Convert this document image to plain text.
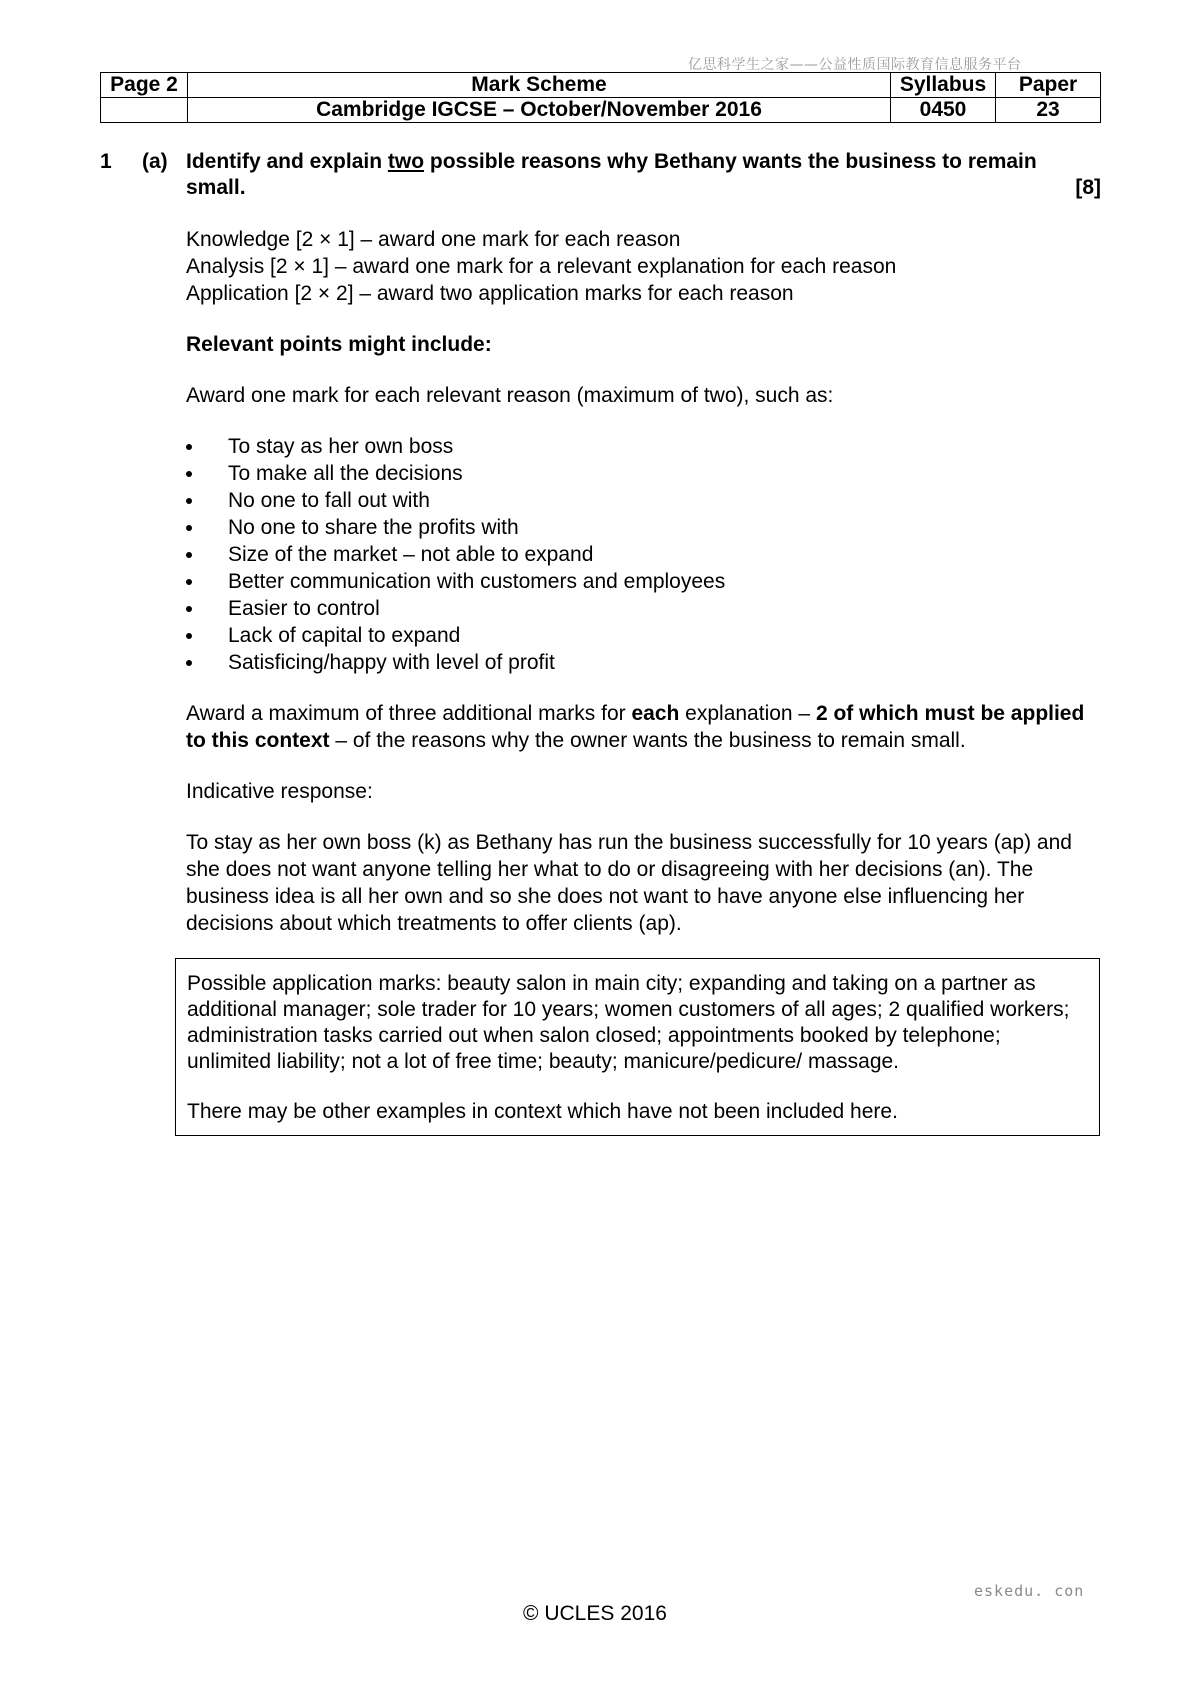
亿思科学生之家——公益性质国际教育信息服务平台
Page 2	Mark Scheme	Syllabus	Paper
	Cambridge IGCSE – October/November 2016	0450	23
1 (a) Identify and explain two possible reasons why Bethany wants the business to remain small.	[8]

Knowledge [2 × 1] – award one mark for each reason

Analysis [2 × 1] – award one mark for a relevant explanation for each reason

Application [2 × 2] – award two application marks for each reason

Relevant points might include:

Award one mark for each relevant reason (maximum of two), such as:

To stay as her own boss
To make all the decisions
No one to fall out with
No one to share the profits with
Size of the market – not able to expand
Better communication with customers and employees
Easier to control
Lack of capital to expand
Satisficing/happy with level of profit

Award a maximum of three additional marks for each explanation – 2 of which must be applied to this context – of the reasons why the owner wants the business to remain small.

Indicative response:

To stay as her own boss (k) as Bethany has run the business successfully for 10 years (ap) and she does not want anyone telling her what to do or disagreeing with her decisions (an). The business idea is all her own and so she does not want to have anyone else influencing her decisions about which treatments to offer clients (ap).

Possible application marks: beauty salon in main city; expanding and taking on a partner as additional manager; sole trader for 10 years; women customers of all ages; 2 qualified workers; administration tasks carried out when salon closed; appointments booked by telephone; unlimited liability; not a lot of free time; beauty; manicure/pedicure/ massage.

There may be other examples in context which have not been included here.

eskedu. con
© UCLES 2016
